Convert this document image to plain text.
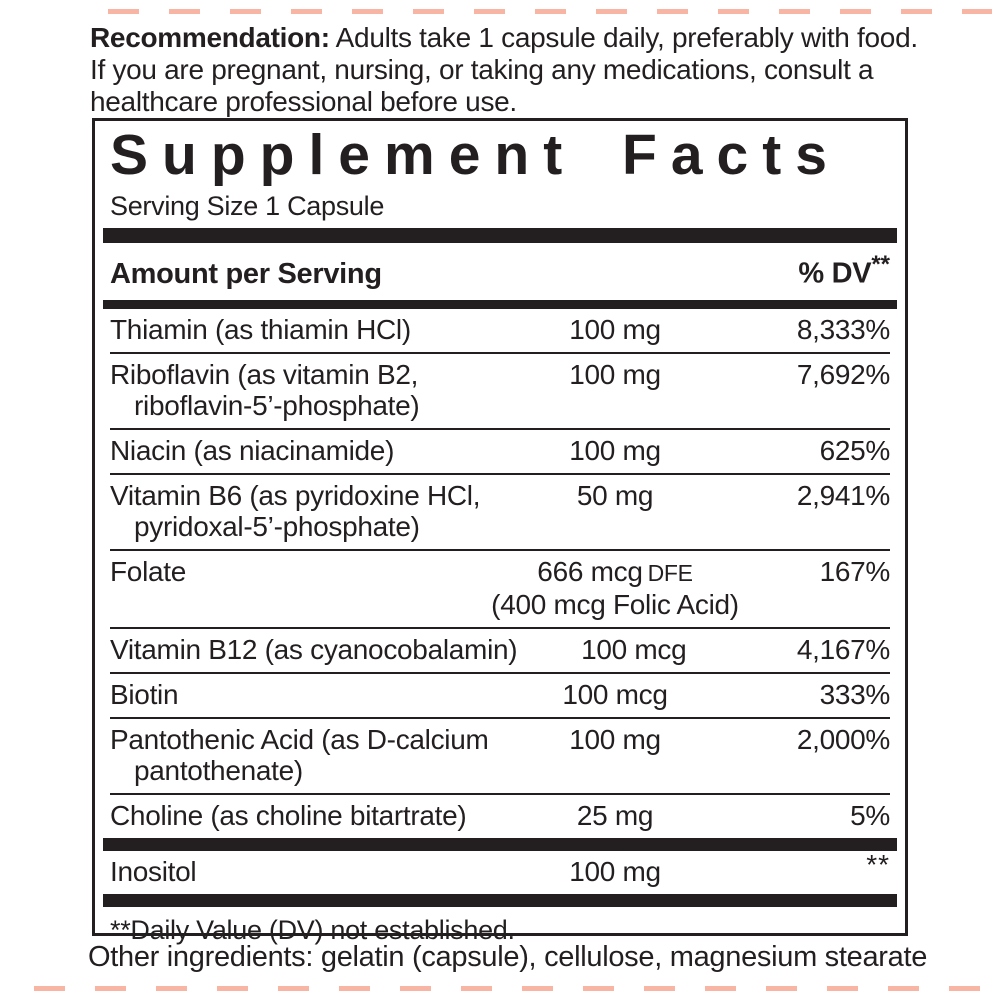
Recommendation: Adults take 1 capsule daily, preferably with food.
If you are pregnant, nursing, or taking any medications, consult a
healthcare professional before use.
Supplement Facts
Serving Size 1 Capsule
Amount per Serving	% DV**
Thiamin (as thiamin HCl)	100 mg	8,333%
Riboflavin (as vitamin B2,
riboflavin-5’-phosphate)
100 mg	7,692%
Niacin (as niacinamide)	100 mg	625%
Vitamin B6 (as pyridoxine HCl,
pyridoxal-5’-phosphate)
50 mg	2,941%
Folate	666 mcg DFE
(400 mcg Folic Acid)
167%
Vitamin B12 (as cyanocobalamin)	100 mcg	4,167%
Biotin	100 mcg	333%
Pantothenic Acid (as D-calcium
pantothenate)
100 mg	2,000%
Choline (as choline bitartrate)	25 mg	5%
Inositol	100 mg	**
**Daily Value (DV) not established.
Other ingredients: gelatin (capsule), cellulose, magnesium stearate
